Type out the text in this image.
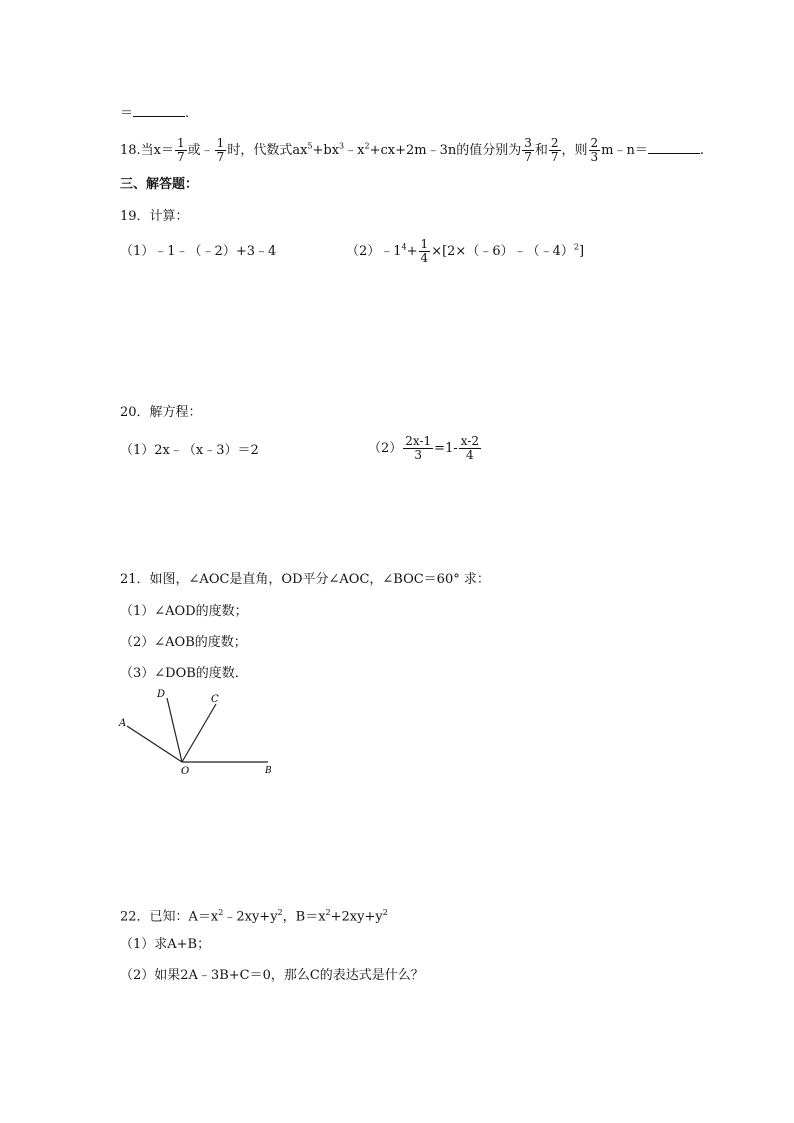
＝	.
18.当$x= \frac{1}{7}$ 或﹣ $\frac{1}{7}$ 时，代数式$ax^5+bx^3﹣x^2+cx+2m﹣3n$的值分别为 $\frac{3}{7}$ 和 $\frac{2}{7}$ ，则 $\frac{2}{3}$ m﹣n＝	.
三、解答题：
19．计算：
（1）﹣1﹣（﹣2）+3﹣4	$(2)﹣1^4+ \frac{1}{4}$ ×[2×（﹣6）﹣（﹣4）$^2$]
20．解方程：
（1）2x﹣（x﹣3）＝2	$(2) \frac{2x-1}{3} =1- \frac{x-2}{4}$
21．如图，∠AOC是直角，OD平分∠AOC，∠BOC＝60° 求：
（1）∠AOD的度数；
（2）∠AOB的度数；
（3）∠DOB的度数．
A
D	C
O	B
22．已知：$A=x^2﹣2xy+y^2$，$B=x^2+2xy+y^2$
（1）求A+B；
（2）如果2A﹣3B+C＝0，那么C的表达式是什么？
